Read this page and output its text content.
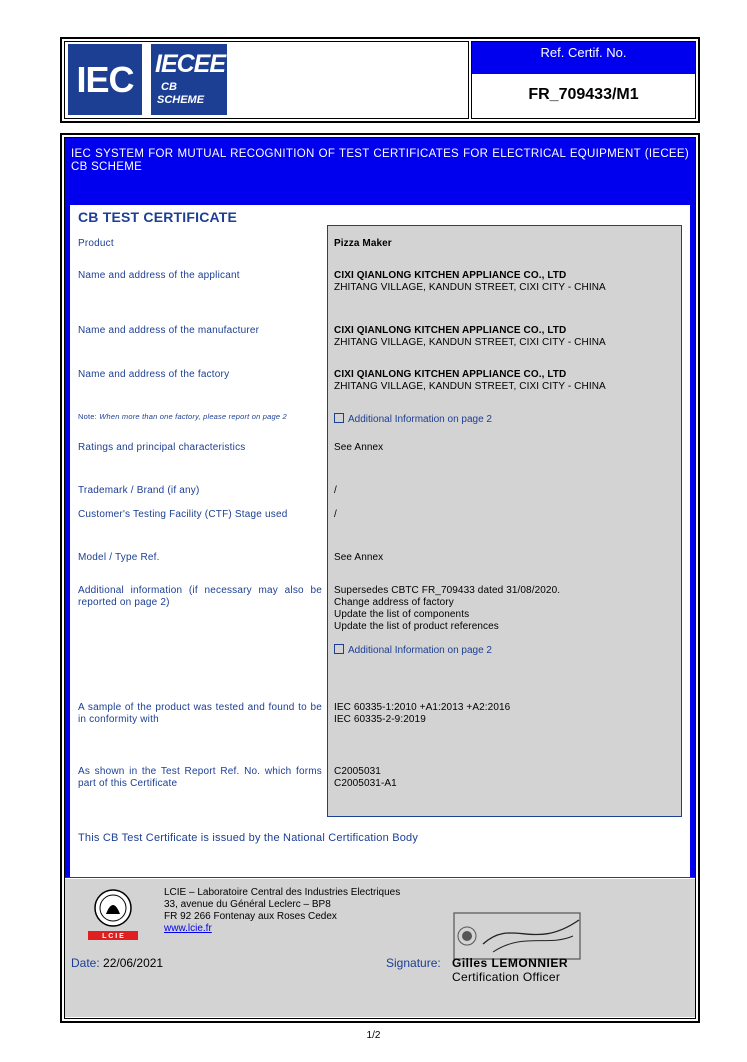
IEC IECEE
CB
SCHEME
Ref. Certif. No.
FR_709433/M1
IEC SYSTEM FOR MUTUAL RECOGNITION OF TEST CERTIFICATES FOR ELECTRICAL EQUIPMENT (IECEE) CB SCHEME
CB TEST CERTIFICATE
Product
Name and address of the applicant
Name and address of the manufacturer
Name and address of the factory
Note: When more than one factory, please report on page 2
Ratings and principal characteristics
Trademark / Brand (if any)
Customer's Testing Facility (CTF) Stage used
Model / Type Ref.
Additional information (if necessary may also be reported on page 2)
A sample of the product was tested and found to be in conformity with
As shown in the Test Report Ref. No. which forms part of this Certificate
Pizza Maker
CIXI QIANLONG KITCHEN APPLIANCE CO., LTD
ZHITANG VILLAGE, KANDUN STREET, CIXI CITY - CHINA
CIXI QIANLONG KITCHEN APPLIANCE CO., LTD
ZHITANG VILLAGE, KANDUN STREET, CIXI CITY - CHINA
CIXI QIANLONG KITCHEN APPLIANCE CO., LTD
ZHITANG VILLAGE, KANDUN STREET, CIXI CITY - CHINA
Additional Information on page 2
See Annex
/
/
See Annex
Supersedes CBTC FR_709433 dated 31/08/2020.
Change address of factory
Update the list of components
Update the list of product references
Additional Information on page 2
IEC 60335-1:2010 +A1:2013 +A2:2016
IEC 60335-2-9:2019
C2005031
C2005031-A1
This CB Test Certificate is issued by the National Certification Body
L C I E
LCIE – Laboratoire Central des Industries Electriques
33, avenue du Général Leclerc – BP8
FR 92 266 Fontenay aux Roses Cedex
www.lcie.fr
Date: 22/06/2021	Signature: Gilles LEMONNIER
Certification Officer
1/2
